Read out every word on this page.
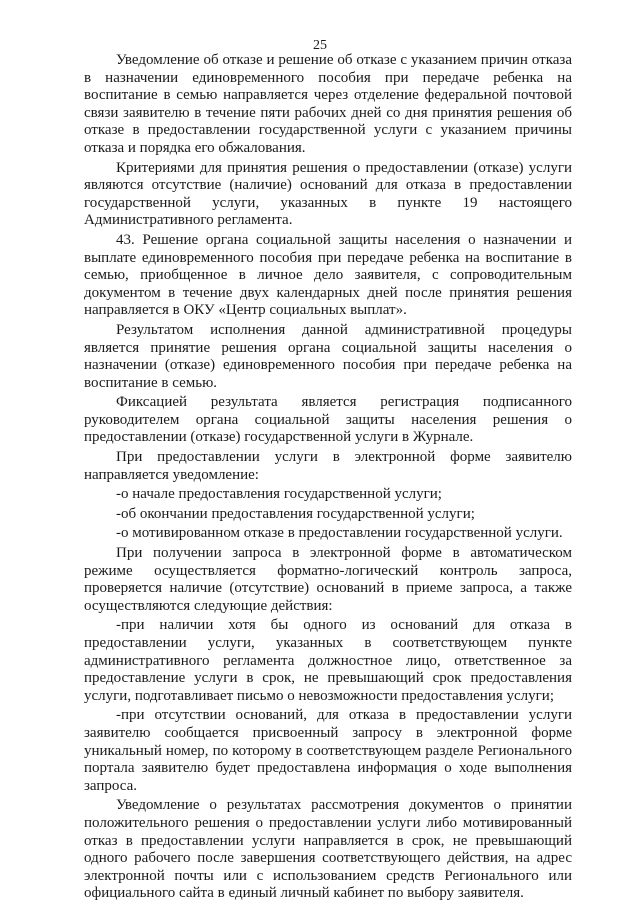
25

Уведомление об отказе и решение об отказе с указанием причин отказа в назначении единовременного пособия при передаче ребенка на воспитание в семью направляется через отделение федеральной почтовой связи заявителю в течение пяти рабочих дней со дня принятия решения об отказе в предоставлении государственной услуги с указанием причины отказа и порядка его обжалования.

Критериями для принятия решения о предоставлении (отказе) услуги являются отсутствие (наличие) оснований для отказа в предоставлении государственной услуги, указанных в пункте 19 настоящего Административного регламента.

43. Решение органа социальной защиты населения о назначении и выплате единовременного пособия при передаче ребенка на воспитание в семью, приобщенное в личное дело заявителя, с сопроводительным документом в течение двух календарных дней после принятия решения направляется в ОКУ «Центр социальных выплат».

Результатом исполнения данной административной процедуры является принятие решения органа социальной защиты населения о назначении (отказе) единовременного пособия при передаче ребенка на воспитание в семью.

Фиксацией результата является регистрация подписанного руководителем органа социальной защиты населения решения о предоставлении (отказе) государственной услуги в Журнале.

При предоставлении услуги в электронной форме заявителю направляется уведомление:

-о начале предоставления государственной услуги;

-об окончании предоставления государственной услуги;

-о мотивированном отказе в предоставлении государственной услуги.

При получении запроса в электронной форме в автоматическом режиме осуществляется форматно-логический контроль запроса, проверяется наличие (отсутствие) оснований в приеме запроса, а также осуществляются следующие действия:

-при наличии хотя бы одного из оснований для отказа в предоставлении услуги, указанных в соответствующем пункте административного регламента должностное лицо, ответственное за предоставление услуги в срок, не превышающий срок предоставления услуги, подготавливает письмо о невозможности предоставления услуги;

-при отсутствии оснований, для отказа в предоставлении услуги заявителю сообщается присвоенный запросу в электронной форме уникальный номер, по которому в соответствующем разделе Регионального портала заявителю будет предоставлена информация о ходе выполнения запроса.

Уведомление о результатах рассмотрения документов о принятии положительного решения о предоставлении услуги либо мотивированный отказ в предоставлении услуги направляется в срок, не превышающий одного рабочего после завершения соответствующего действия, на адрес электронной почты или с использованием средств Регионального или официального сайта в единый личный кабинет по выбору заявителя.
